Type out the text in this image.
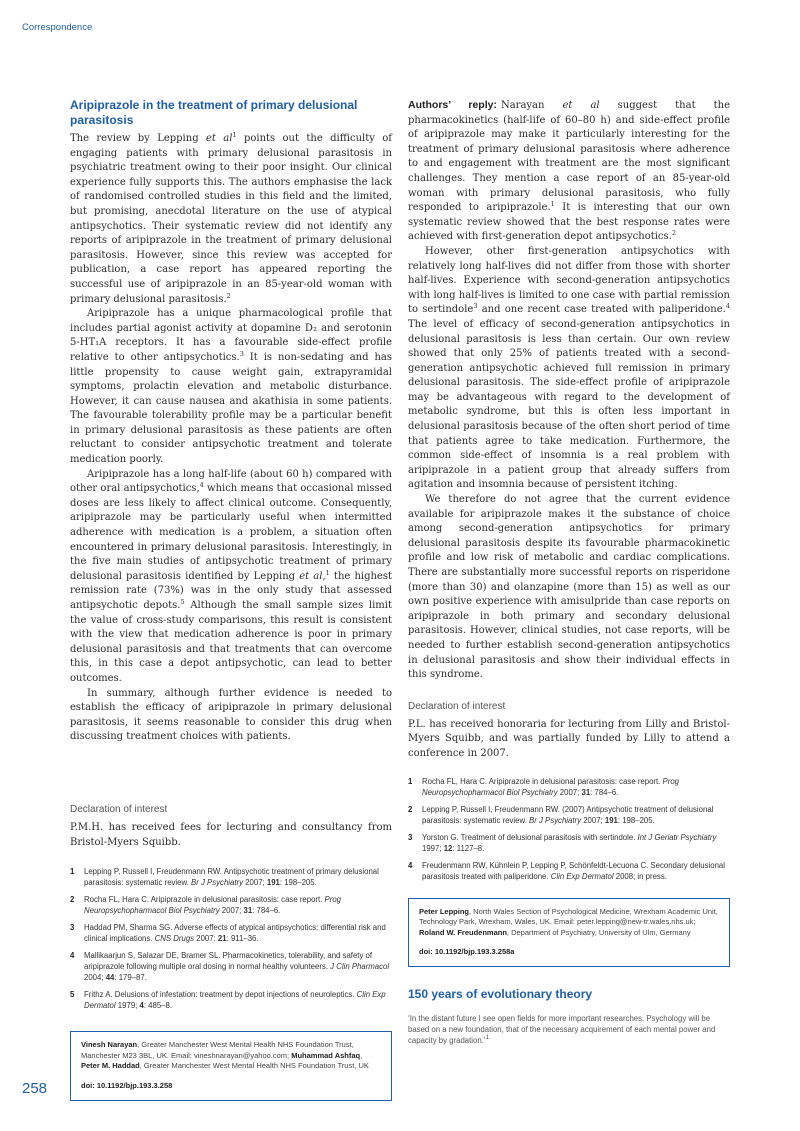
Correspondence
Aripiprazole in the treatment of primary delusional parasitosis

The review by Lepping et $al^1$ points out the difficulty of engaging patients with primary delusional parasitosis in psychiatric treatment owing to their poor insight. Our clinical experience fully supports this. The authors emphasise the lack of randomised controlled studies in this field and the limited, but promising, anecdotal literature on the use of atypical antipsychotics. Their systematic review did not identify any reports of aripiprazole in the treatment of primary delusional parasitosis. However, since this review was accepted for publication, a case report has appeared reporting the successful use of aripiprazole in an 85-year-old woman with primary delusional parasitosis.$^2$

Aripiprazole has a unique pharmacological profile that includes partial agonist activity at dopamine D₂ and serotonin 5-HT₁A receptors. It has a favourable side-effect profile relative to other antipsychotics.$^3$ It is non-sedating and has little propensity to cause weight gain, extrapyramidal symptoms, prolactin elevation and metabolic disturbance. However, it can cause nausea and akathisia in some patients. The favourable tolerability profile may be a particular benefit in primary delusional parasitosis as these patients are often reluctant to consider antipsychotic treatment and tolerate medication poorly.

Aripiprazole has a long half-life (about 60 h) compared with other oral antipsychotics,$^4$ which means that occasional missed doses are less likely to affect clinical outcome. Consequently, aripiprazole may be particularly useful when intermitted adherence with medication is a problem, a situation often encountered in primary delusional parasitosis. Interestingly, in the five main studies of antipsychotic treatment of primary delusional parasitosis identified by Lepping et al,$^1$ the highest remission rate (73%) was in the only study that assessed antipsychotic depots.$^5$ Although the small sample sizes limit the value of cross-study comparisons, this result is consistent with the view that medication adherence is poor in primary delusional parasitosis and that treatments that can overcome this, in this case a depot antipsychotic, can lead to better outcomes.

In summary, although further evidence is needed to establish the efficacy of aripiprazole in primary delusional parasitosis, it seems reasonable to consider this drug when discussing treatment choices with patients.

Declaration of interest

P.M.H. has received fees for lecturing and consultancy from Bristol-Myers Squibb.

1 Lepping P, Russell I, Freudenmann RW. Antipsychotic treatment of primary delusional parasitosis: systematic review. Br J Psychiatry 2007; 191: 198–205.
2 Rocha FL, Hara C. Aripiprazole in delusional parasitosis: case report. Prog Neuropsychopharmacol Biol Psychiatry 2007; 31: 784–6.
3 Haddad PM, Sharma SG. Adverse effects of atypical antipsychotics: differential risk and clinical implications. CNS Drugs 2007: 21: 911–36.
4 Mallikaarjun S, Salazar DE, Bramer SL. Pharmacokinetics, tolerability, and safety of aripiprazole following multiple oral dosing in normal healthy volunteers. J Clin Pharmacol 2004; 44: 179–87.
5 Frithz A. Delusions of infestation: treatment by depot injections of neuroleptics. Clin Exp Dermatol 1979; 4: 485–8.
Vinesh Narayan, Greater Manchester West Mental Health NHS Foundation Trust, Manchester M23 3BL, UK. Email: vineshnarayan@yahoo.com; Muhammad Ashfaq, Peter M. Haddad, Greater Manchester West Mental Health NHS Foundation Trust, UK
doi: 10.1192/bjp.193.3.258

Authors’ reply: Narayan et al suggest that the pharmacokinetics (half-life of 60–80 h) and side-effect profile of aripiprazole may make it particularly interesting for the treatment of primary delusional parasitosis where adherence to and engagement with treatment are the most significant challenges. They mention a case report of an 85-year-old woman with primary delusional parasitosis, who fully responded to aripiprazole.$^1$ It is interesting that our own systematic review showed that the best response rates were achieved with first-generation depot antipsychotics.$^2$

However, other first-generation antipsychotics with relatively long half-lives did not differ from those with shorter half-lives. Experience with second-generation antipsychotics with long half-lives is limited to one case with partial remission to sertindole$^3$ and one recent case treated with paliperidone.$^4$ The level of efficacy of second-generation antipsychotics in delusional parasitosis is less than certain. Our own review showed that only 25% of patients treated with a second-generation antipsychotic achieved full remission in primary delusional parasitosis. The side-effect profile of aripiprazole may be advantageous with regard to the development of metabolic syndrome, but this is often less important in delusional parasitosis because of the often short period of time that patients agree to take medication. Furthermore, the common side-effect of insomnia is a real problem with aripiprazole in a patient group that already suffers from agitation and insomnia because of persistent itching.

We therefore do not agree that the current evidence available for aripiprazole makes it the substance of choice among second-generation antipsychotics for primary delusional parasitosis despite its favourable pharmacokinetic profile and low risk of metabolic and cardiac complications. There are substantially more successful reports on risperidone (more than 30) and olanzapine (more than 15) as well as our own positive experience with amisulpride than case reports on aripiprazole in both primary and secondary delusional parasitosis. However, clinical studies, not case reports, will be needed to further establish second-generation antipsychotics in delusional parasitosis and show their individual effects in this syndrome.

Declaration of interest

P.L. has received honoraria for lecturing from Lilly and Bristol-Myers Squibb, and was partially funded by Lilly to attend a conference in 2007.

1 Rocha FL, Hara C. Aripiprazole in delusional parasitosis: case report. Prog Neuropsychopharmacol Biol Psychiatry 2007; 31: 784–6.
2 Lepping P, Russell I, Freudenmann RW. (2007) Antipsychotic treatment of delusional parasitosis: systematic review. Br J Psychiatry 2007; 191: 198–205.
3 Yorston G. Treatment of delusional parasitosis with sertindole. Int J Geriatr Psychiatry 1997; 12: 1127–8.
4 Freudenmann RW, Kühnlein P, Lepping P, Schönfeldt-Lecuona C. Secondary delusional parasitosis treated with paliperidone. Clin Exp Dermatol 2008; in press.
Peter Lepping, North Wales Section of Psychological Medicine, Wrexham Academic Unit, Technology Park, Wrexham, Wales, UK. Email: peter.lepping@new-tr.wales.nhs.uk; Roland W. Freudenmann, Department of Psychiatry, University of Ulm, Germany
doi: 10.1192/bjp.193.3.258a
150 years of evolutionary theory

‘In the distant future I see open fields for more important researches. Psychology will be based on a new foundation, that of the necessary acquirement of each mental power and capacity by gradation.’$^1$

258
